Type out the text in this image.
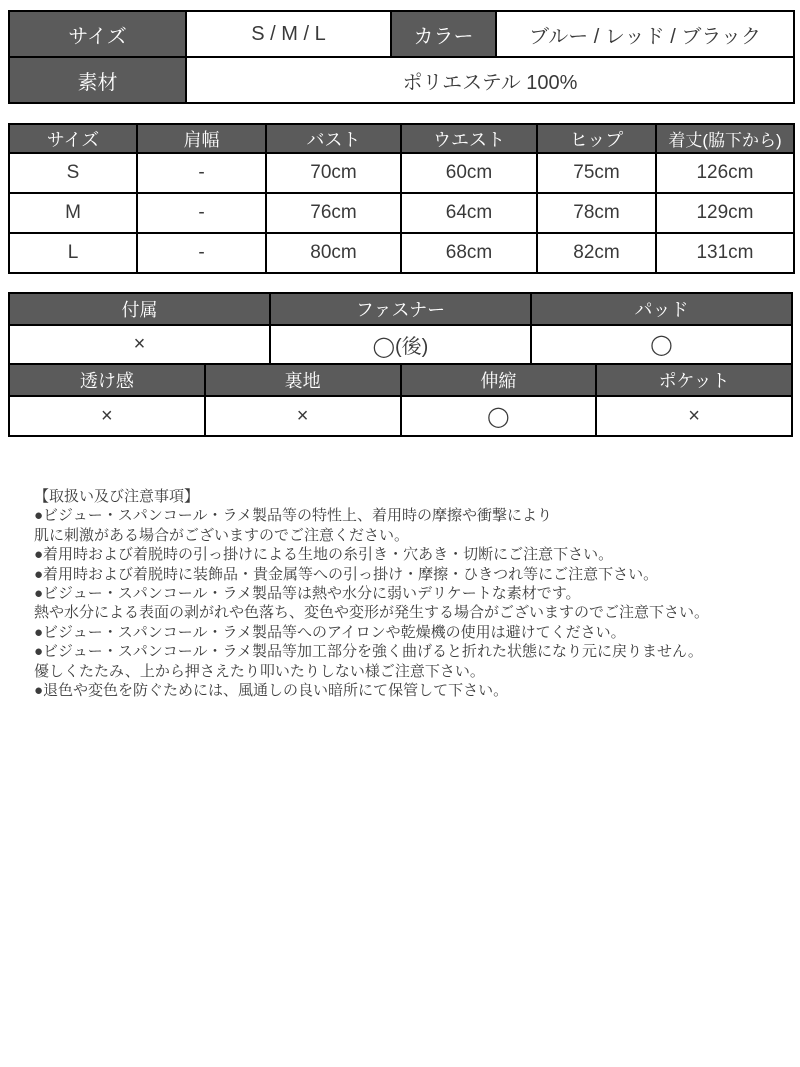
サイズ	S / M / L	カラー	ブルー / レッド / ブラック
素材	ポリエステル 100%		
サイズ	肩幅	バスト	ウエスト	ヒップ	着丈(脇下から)
S	-	70cm	60cm	75cm	126cm
M	-	76cm	64cm	78cm	129cm
L	-	80cm	68cm	82cm	131cm
付属	ファスナー	パッド
×	◯(後)	◯
透け感	裏地	伸縮	ポケット
×	×	◯	×
【取扱い及び注意事項】
●ビジュー・スパンコール・ラメ製品等の特性上、着用時の摩擦や衝撃により
肌に刺激がある場合がございますのでご注意ください。
●着用時および着脱時の引っ掛けによる生地の糸引き・穴あき・切断にご注意下さい。
●着用時および着脱時に装飾品・貴金属等への引っ掛け・摩擦・ひきつれ等にご注意下さい。
●ビジュー・スパンコール・ラメ製品等は熱や水分に弱いデリケートな素材です。
熱や水分による表面の剥がれや色落ち、変色や変形が発生する場合がございますのでご注意下さい。
●ビジュー・スパンコール・ラメ製品等へのアイロンや乾燥機の使用は避けてください。
●ビジュー・スパンコール・ラメ製品等加工部分を強く曲げると折れた状態になり元に戻りません。
優しくたたみ、上から押さえたり叩いたりしない様ご注意下さい。
●退色や変色を防ぐためには、風通しの良い暗所にて保管して下さい。
